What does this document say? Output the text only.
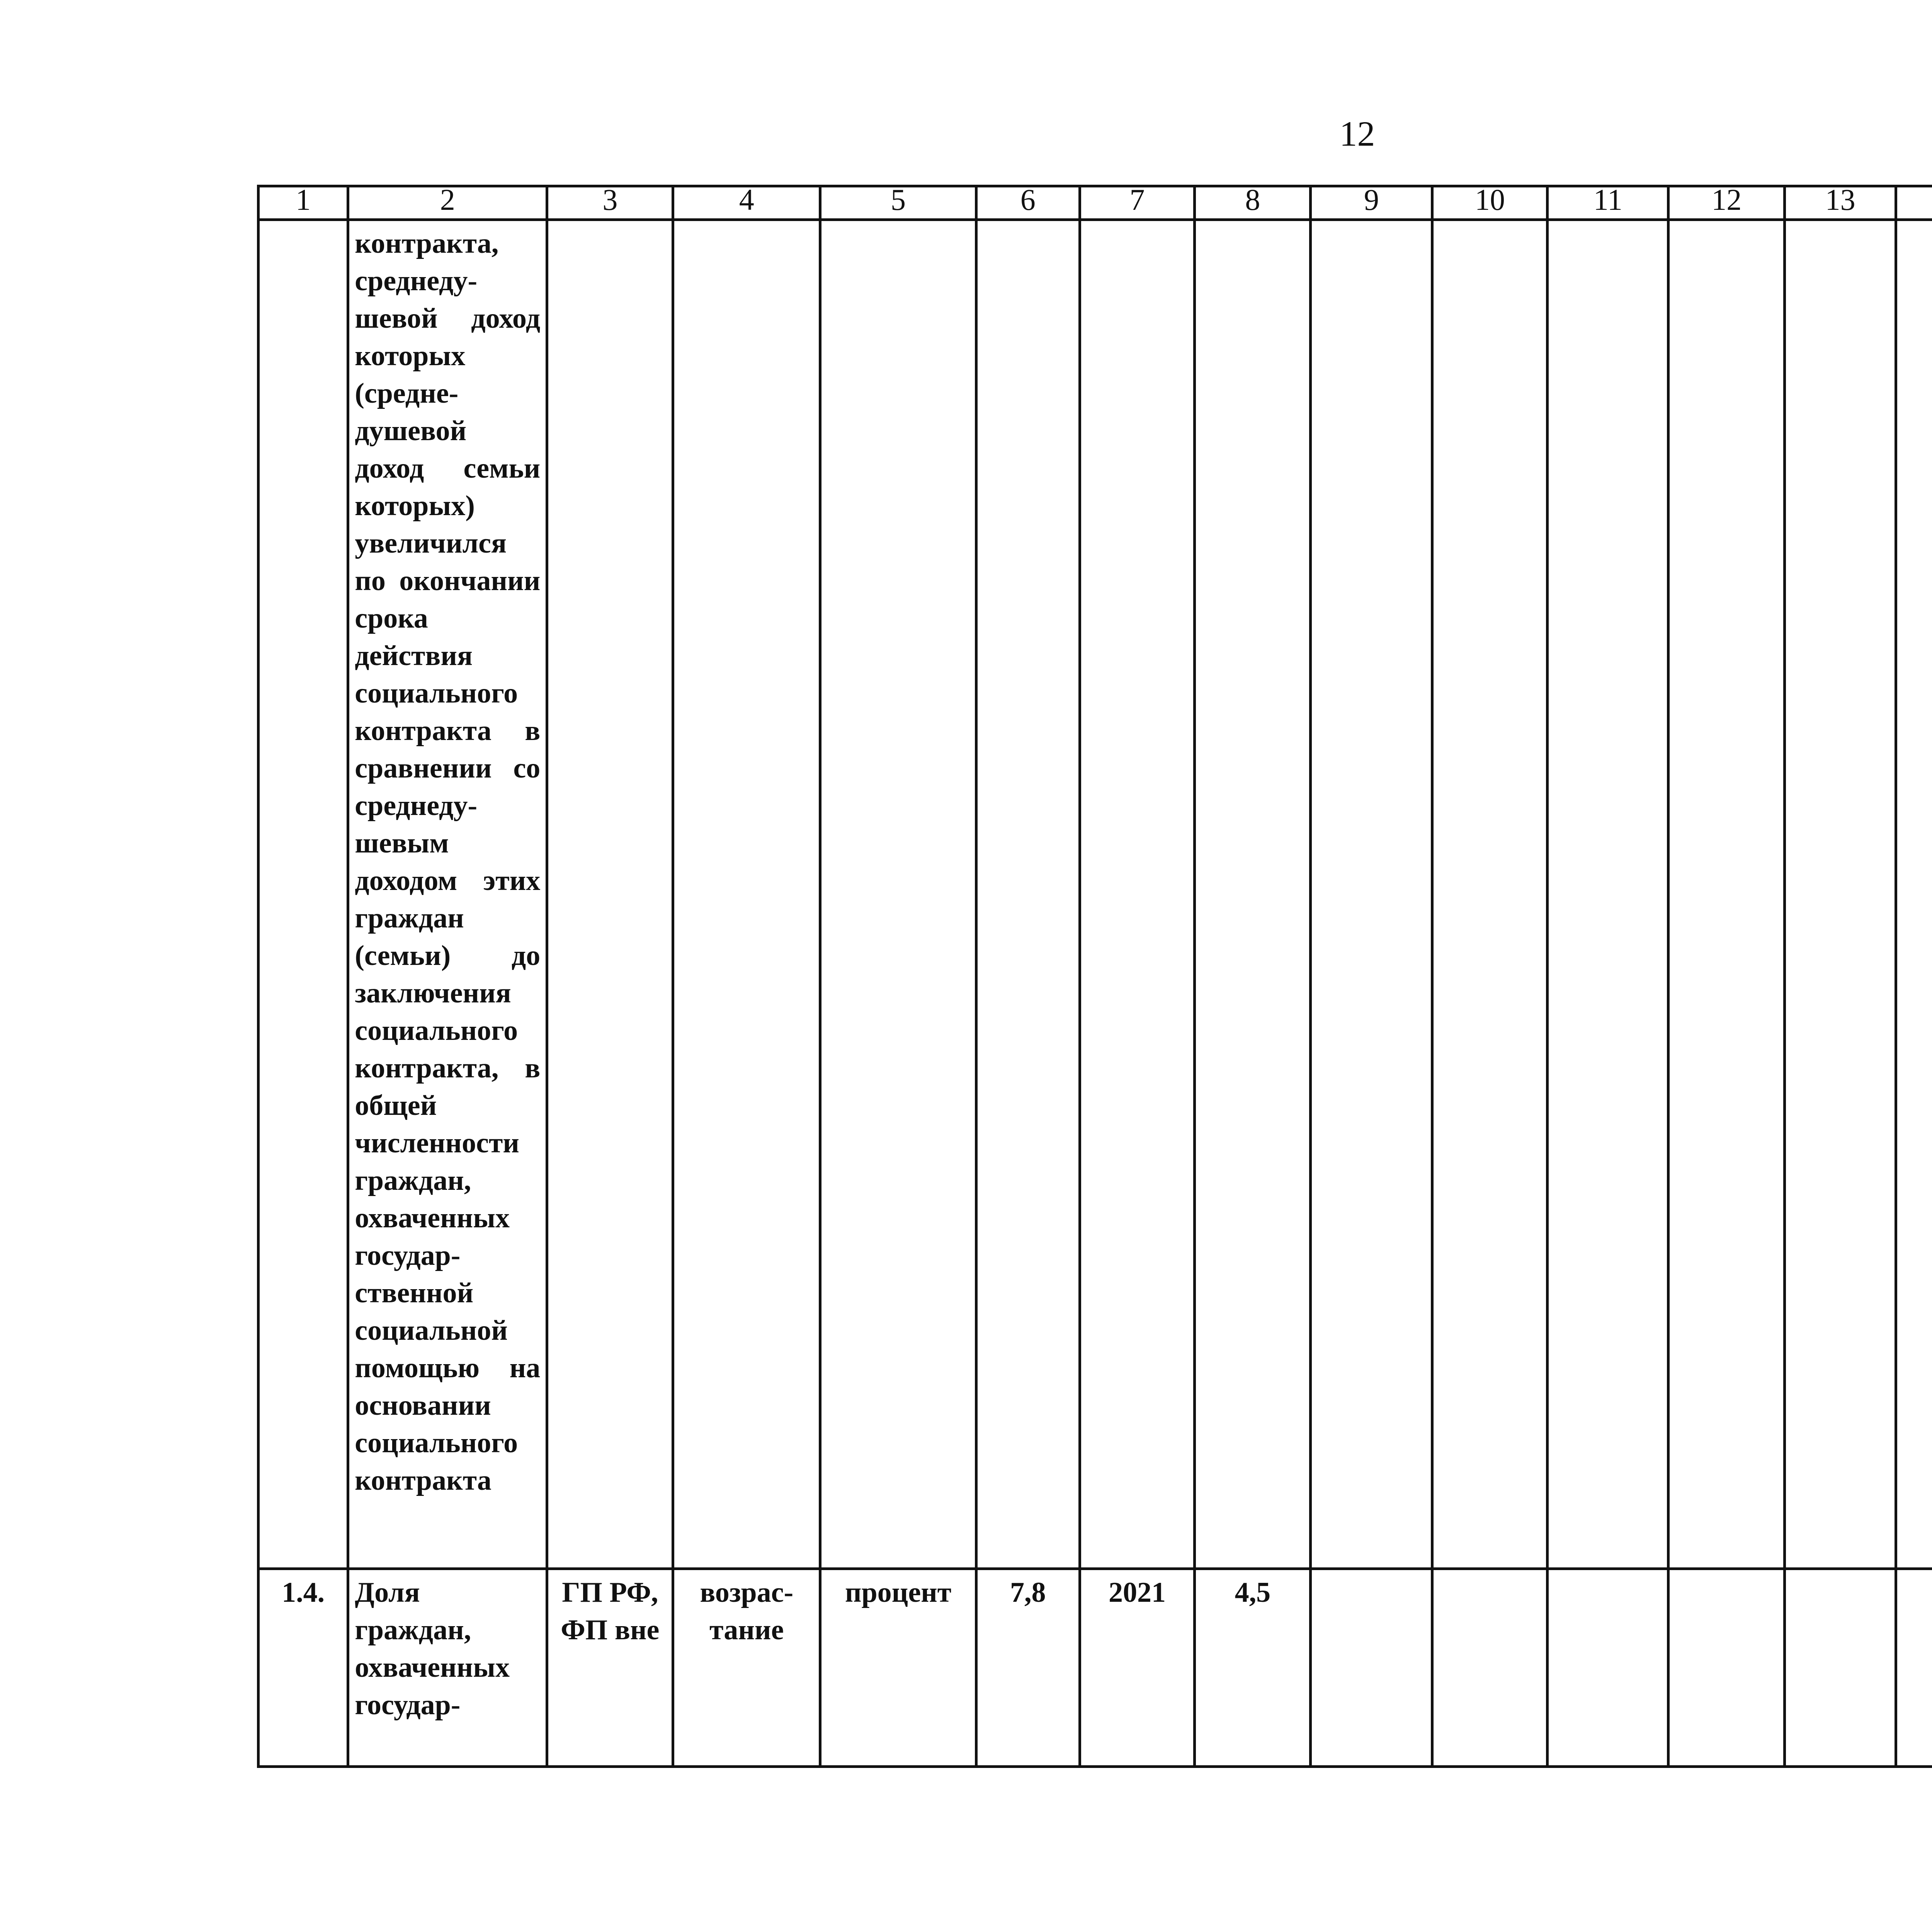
12
1	2	3	4	5	6	7	8	9	10	11	12	13					
	контракта, среднеду-шевой доход которых (средне-душевой доход семьи которых) увеличился по окончании срока действия социального контракта в сравнении со среднеду-шевым доходом этих граждан (семьи) до заключения социального контракта, в общей численности граждан, охваченных государ-ственной социальной помощью на основании социального контракта																
1.4.	Доля граждан, охваченных государ-	ГП РФ, ФП вне	возрас-тание	процент	7,8	2021	4,5										
